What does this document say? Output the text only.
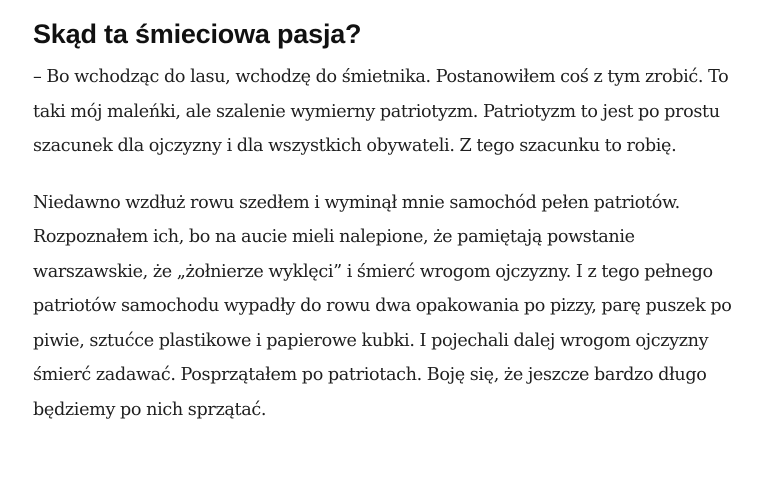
Skąd ta śmieciowa pasja?

– Bo wchodząc do lasu, wchodzę do śmietnika. Postanowiłem coś z tym zrobić. To taki mój maleńki, ale szalenie wymierny patriotyzm. Patriotyzm to jest po prostu szacunek dla ojczyzny i dla wszystkich obywateli. Z tego szacunku to robię.

Niedawno wzdłuż rowu szedłem i wyminął mnie samochód pełen patriotów. Rozpoznałem ich, bo na aucie mieli nalepione, że pamiętają powstanie warszawskie, że „żołnierze wyklęci” i śmierć wrogom ojczyzny. I z tego pełnego patriotów samochodu wypadły do rowu dwa opakowania po pizzy, parę puszek po piwie, sztućce plastikowe i papierowe kubki. I pojechali dalej wrogom ojczyzny śmierć zadawać. Posprzątałem po patriotach. Boję się, że jeszcze bardzo długo będziemy po nich sprzątać.
